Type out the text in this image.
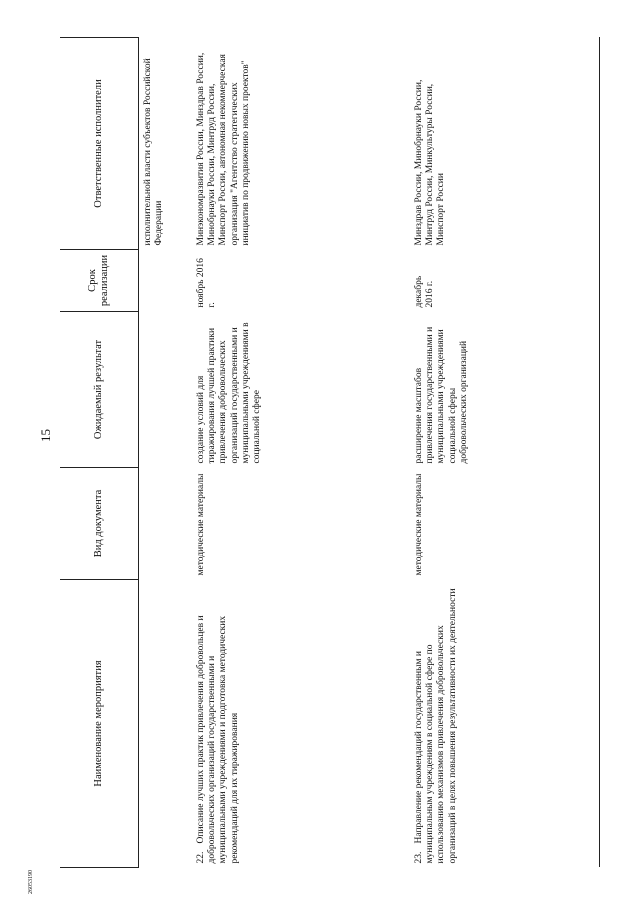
15
26053190
Наименование мероприятия	Вид документа	Ожидаемый результат	Срок реализации	Ответственные исполнители
				исполнительной власти субъектов Российской Федерации
22.Описание лучших практик привлечения добровольцев и добровольческих организаций государственными и муниципальными учреждениями и подготовка методических рекомендаций для их тиражирования	методические материалы	создание условий для тиражирования лучшей практики привлечения добровольческих организаций государственными и муниципальными учреждениями в социальной сфере	ноябрь 2016 г.	Минэкономразвития России, Минздрав России, Минобрнауки России, Минтруд России, Минспорт России, автономная некоммерческая организация "Агентство стратегических инициатив по продвижению новых проектов"
23.Направление рекомендаций государственным и муниципальным учреждениям в социальной сфере по использованию механизмов привлечения добровольческих организаций в целях повышения результативности их деятельности	методические материалы	расширение масштабов привлечения государственными и муниципальными учреждениями социальной сферы добровольческих организаций	декабрь 2016 г.	Минздрав России, Минобрнауки России, Минтруд России, Минкультуры России, Минспорт России
